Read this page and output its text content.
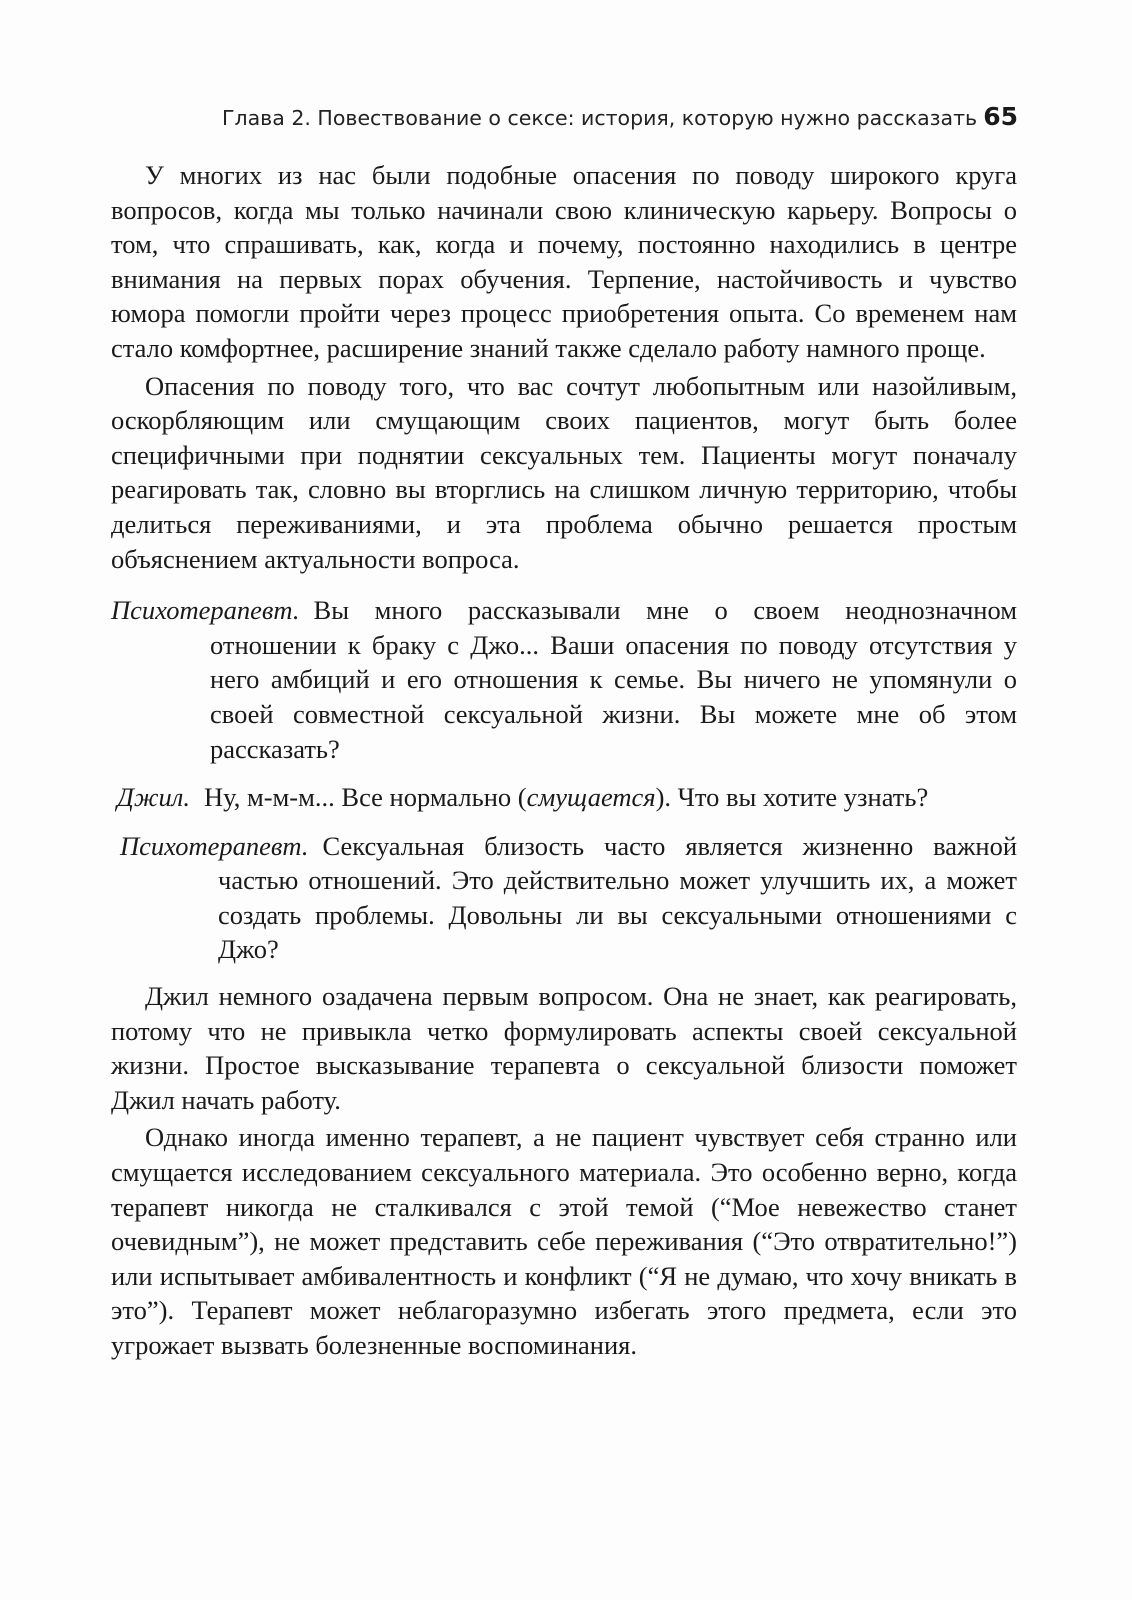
Глава 2. Повествование о сексе: история, которую нужно рассказать 65

У многих из нас были подобные опасения по поводу широкого круга вопросов, когда мы только начинали свою клиническую карьеру. Вопросы о том, что спрашивать, как, когда и почему, постоянно находились в центре внимания на первых порах обучения. Терпение, настойчивость и чувство юмора помогли пройти через процесс приобретения опыта. Со временем нам стало комфортнее, расширение знаний также сделало работу намного проще.

Опасения по поводу того, что вас сочтут любопытным или назойливым, оскорбляющим или смущающим своих пациентов, могут быть более специфичными при поднятии сексуальных тем. Пациенты могут поначалу реагировать так, словно вы вторглись на слишком личную территорию, чтобы делиться переживаниями, и эта проблема обычно решается простым объяснением актуальности вопроса.

Психотерапевт. Вы много рассказывали мне о своем неоднозначном отношении к браку с Джо... Ваши опасения по поводу отсутствия у него амбиций и его отношения к семье. Вы ничего не упомянули о своей совместной сексуальной жизни. Вы можете мне об этом рассказать?

Джил. Ну, м-м-м... Все нормально (смущается). Что вы хотите узнать?

Психотерапевт. Сексуальная близость часто является жизненно важной частью отношений. Это действительно может улучшить их, а может создать проблемы. Довольны ли вы сексуальными отношениями с Джо?

Джил немного озадачена первым вопросом. Она не знает, как реагировать, потому что не привыкла четко формулировать аспекты своей сексуальной жизни. Простое высказывание терапевта о сексуальной близости поможет Джил начать работу.

Однако иногда именно терапевт, а не пациент чувствует себя странно или смущается исследованием сексуального материала. Это особенно верно, когда терапевт никогда не сталкивался с этой темой (“Мое невежество станет очевидным”), не может представить себе переживания (“Это отвратительно!”) или испытывает амбивалентность и конфликт (“Я не думаю, что хочу вникать в это”). Терапевт может неблагоразумно избегать этого предмета, если это угрожает вызвать болезненные воспоминания.
